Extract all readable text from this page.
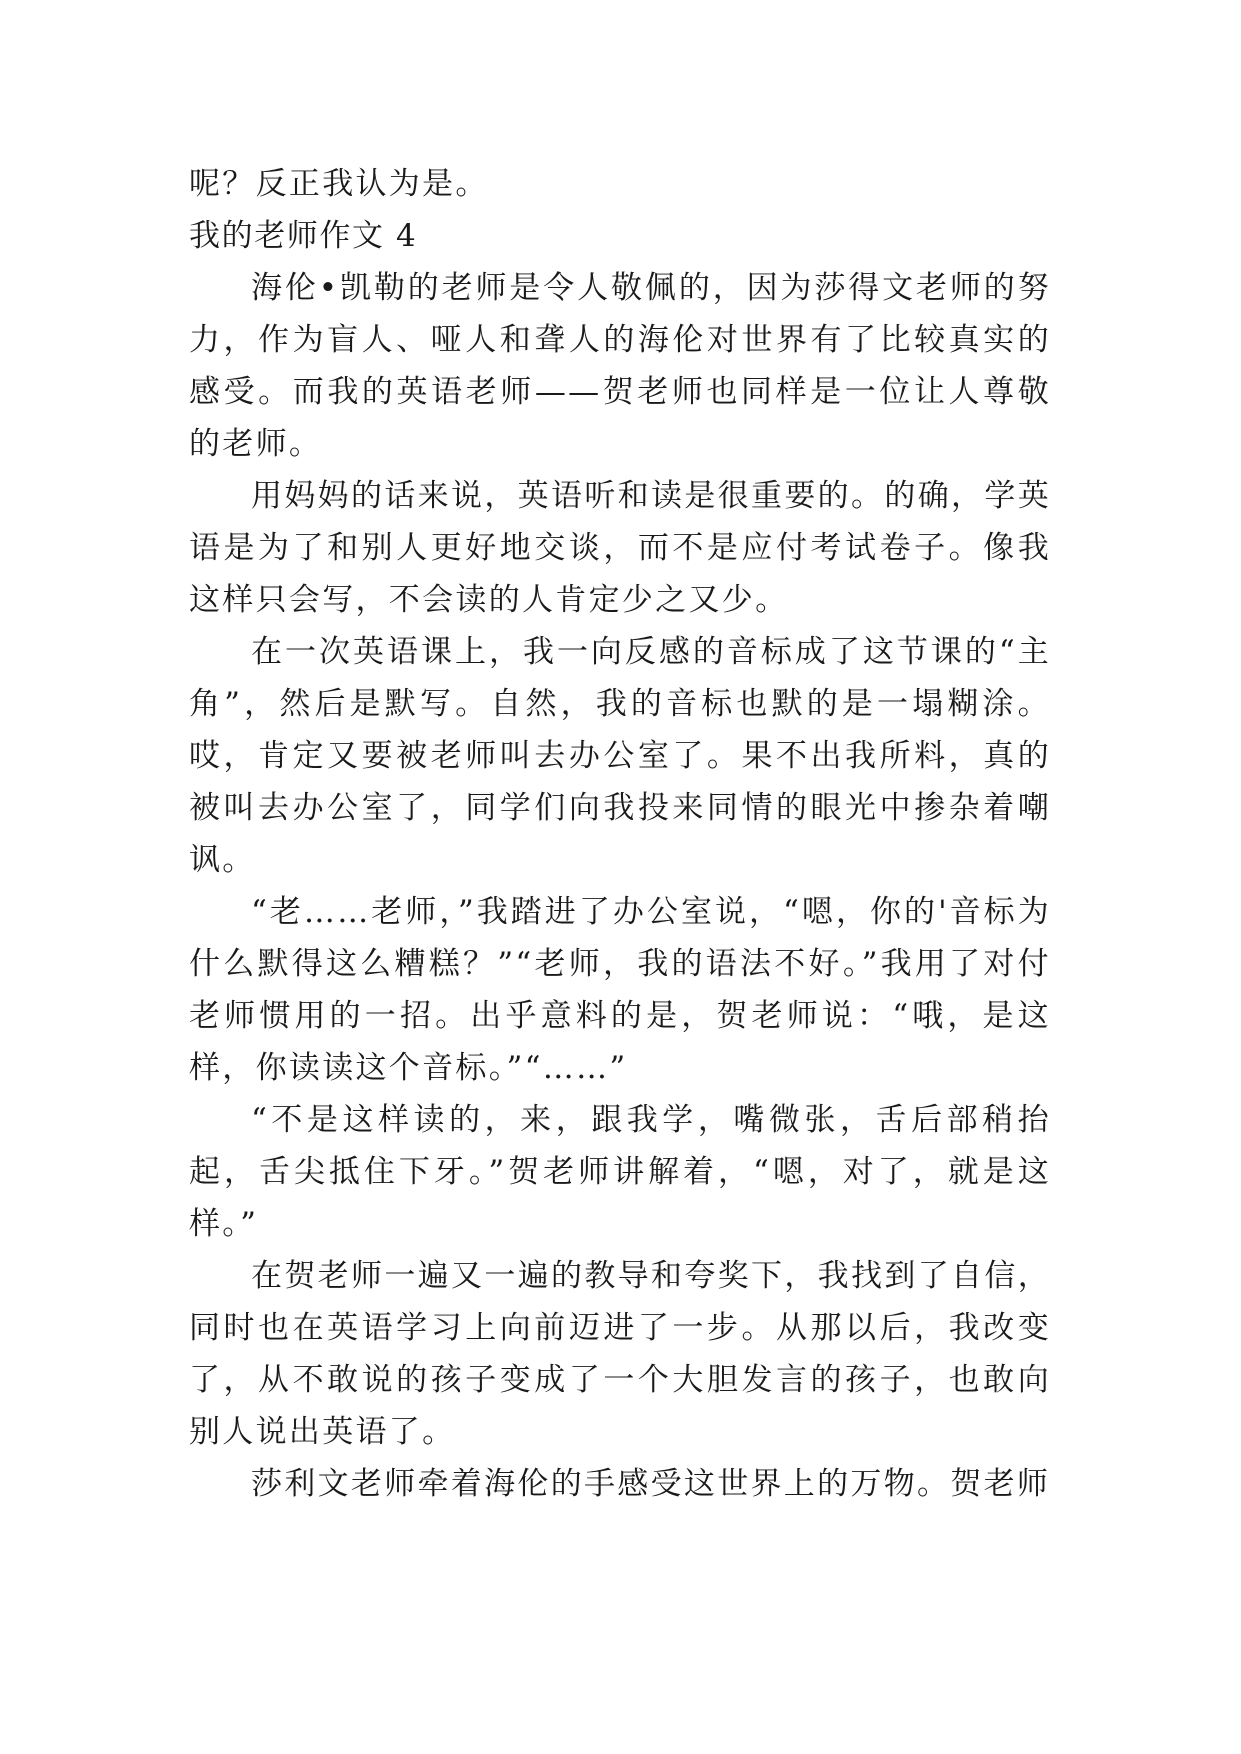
呢？反正我认为是。

我的老师作文 4

海伦•凯勒的老师是令人敬佩的，因为莎得文老师的努力，作为盲人、哑人和聋人的海伦对世界有了比较真实的感受。而我的英语老师——贺老师也同样是一位让人尊敬的老师。

用妈妈的话来说，英语听和读是很重要的。的确，学英语是为了和别人更好地交谈，而不是应付考试卷子。像我这样只会写，不会读的人肯定少之又少。

在一次英语课上，我一向反感的音标成了这节课的“主角”，然后是默写。自然，我的音标也默的是一塌糊涂。哎，肯定又要被老师叫去办公室了。果不出我所料，真的被叫去办公室了，同学们向我投来同情的眼光中掺杂着嘲讽。

“老……老师，”我踏进了办公室说，“嗯，你的'音标为什么默得这么糟糕？”“老师，我的语法不好。”我用了对付老师惯用的一招。出乎意料的是，贺老师说：“哦，是这样，你读读这个音标。”“……”

“不是这样读的，来，跟我学，嘴微张，舌后部稍抬起，舌尖抵住下牙。”贺老师讲解着，“嗯，对了，就是这样。”

在贺老师一遍又一遍的教导和夸奖下，我找到了自信，同时也在英语学习上向前迈进了一步。从那以后，我改变了，从不敢说的孩子变成了一个大胆发言的孩子，也敢向别人说出英语了。

莎利文老师牵着海伦的手感受这世界上的万物。贺老师
